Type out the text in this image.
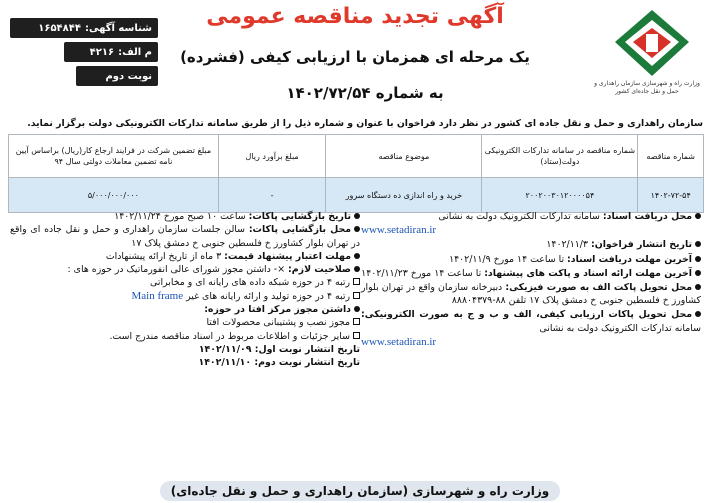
وزارت راه و شهرسازی سازمان راهداری و حمل و نقل جاده‌ای کشور
آگهی تجدید مناقصه عمومی
یک مرحله ای همزمان با ارزیابی کیفی (فشرده)
به شماره ۱۴۰۲/۷۲/۵۴
شناسه آگهی:
۱۶۵۴۸۴۴
م الف:
۴۲۱۶
نوبت دوم
سازمان راهداری و حمل و نقل جاده ای کشور در نظر دارد فراخوان با عنوان و شماره ذیل را از طریق سامانه تدارکات الکترونیکی دولت برگزار نماید.
شماره مناقصه	شماره مناقصه در سامانه تدارکات الکترونیکی دولت(ستاد)	موضوع مناقصه	مبلغ برآورد ریال	مبلغ تضمین شرکت در فرایند ارجاع کار(ریال) براساس آیین نامه تضمین معاملات دولتی سال ۹۴
۱۴۰۲-۷۲-۵۴	۲۰۰۲۰۰۳۰۱۲۰۰۰۰۵۴	خرید و راه اندازی ده دستگاه سرور	-	۵/۰۰۰/۰۰۰/۰۰۰

محل دریافت اسناد: سامانه تدارکات الکترونیک دولت به نشانی

www.setadiran.ir

تاریخ انتشار فراخوان: ۱۴۰۲/۱۱/۳

آخرین مهلت دریافت اسناد: تا ساعت ۱۴ مورخ ۱۴۰۲/۱۱/۹

آخرین مهلت ارائه اسناد و پاکت های پیشنهاد: تا ساعت ۱۴ مورخ ۱۴۰۲/۱۱/۲۳

محل تحویل پاکت الف به صورت فیزیکی: دبیرخانه سازمان واقع در تهران بلوار کشاورز خ فلسطین جنوبی خ دمشق پلاک ۱۷ تلفن ۸۸-۸۸۸۰۴۳۷۹

محل تحویل پاکات ارزیابی کیفی، الف و ب و ج به صورت الکترونیکی: سامانه تدارکات الکترونیک دولت به نشانی

www.setadiran.ir

تاریخ بازگشایی پاکات: ساعت ۱۰ صبح مورخ ۱۴۰۲/۱۱/۲۴

محل بازگشایی پاکات: سالن جلسات سازمان راهداری و حمل و نقل جاده ای واقع در تهران بلوار کشاورز خ فلسطین جنوبی خ دمشق پلاک ۱۷

مهلت اعتبار پیشنهاد قیمت: ۳ ماه از تاریخ ارائه پیشنهادات

صلاحیت لازم: ×- داشتن مجوز شورای عالی انفورماتیک در حوزه های :

رتبه ۴ در حوزه شبکه داده های رایانه ای و مخابراتی

رتبه ۴ در حوزه تولید و ارائه رایانه های غیر Main frame

داشتن مجوز مرکز افتا در حوزه:

مجوز نصب و پشتیبانی محصولات افتا

سایر جزئیات و اطلاعات مربوط در اسناد مناقصه مندرج است.

تاریخ انتشار نوبت اول: ۱۴۰۲/۱۱/۰۹

تاریخ انتشار نوبت دوم: ۱۴۰۲/۱۱/۱۰

وزارت راه و شهرسازی (سازمان راهداری و حمل و نقل جاده‌ای)
